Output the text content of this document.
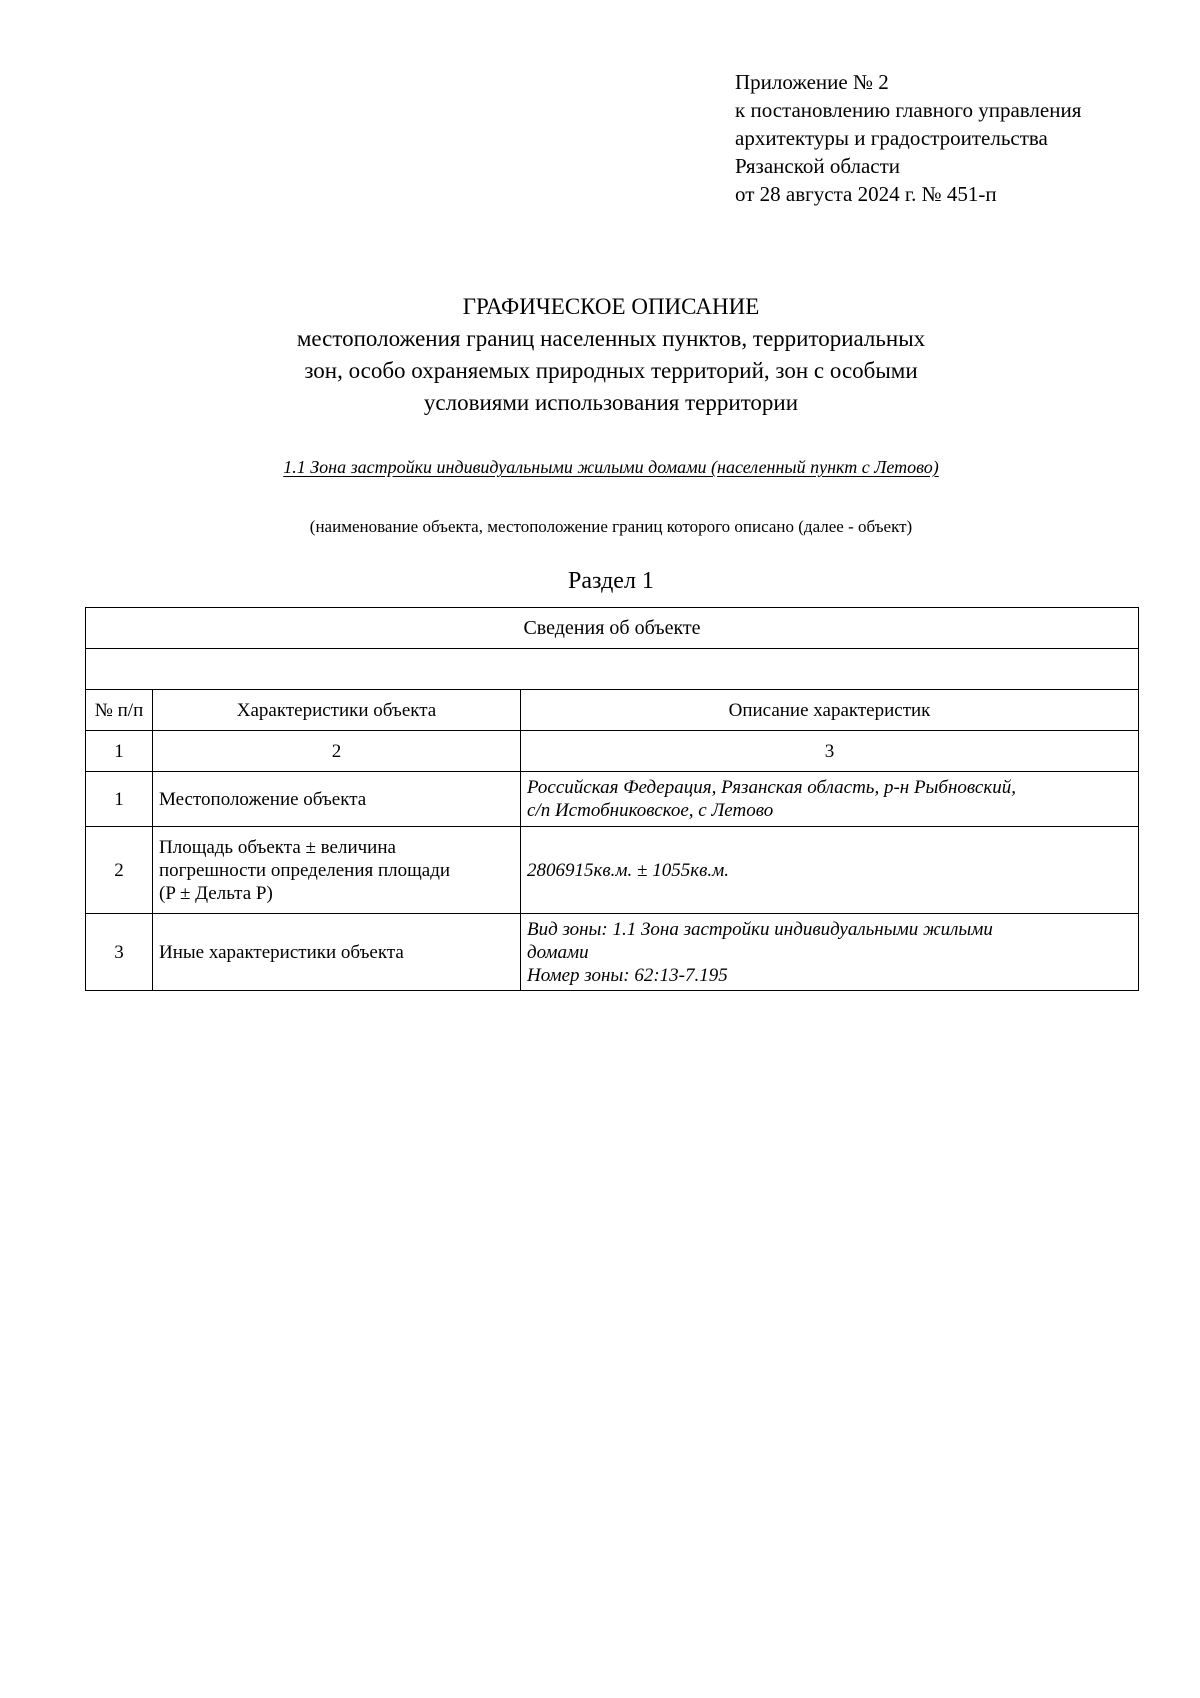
Приложение № 2
к постановлению главного управления
архитектуры и градостроительства
Рязанской области
от 28 августа 2024 г. № 451-п
ГРАФИЧЕСКОЕ ОПИСАНИЕ
местоположения границ населенных пунктов, территориальных
зон, особо охраняемых природных территорий, зон с особыми
условиями использования территории
1.1 Зона застройки индивидуальными жилыми домами (населенный пункт с Летово)
(наименование объекта, местоположение границ которого описано (далее - объект)
Раздел 1
Сведения об объекте		

№ п/п	Характеристики объекта	Описание характеристик
1	2	3
1	Местоположение объекта	Российская Федерация, Рязанская область, р-н Рыбновский,
с/п Истобниковское, с Летово

2	Площадь объекта ± величина
погрешности определения площади
(P ± Дельта P)	2806915кв.м. ± 1055кв.м.

3	Иные характеристики объекта	Вид зоны: 1.1 Зона застройки индивидуальными жилыми
домами
Номер зоны: 62:13-7.195
